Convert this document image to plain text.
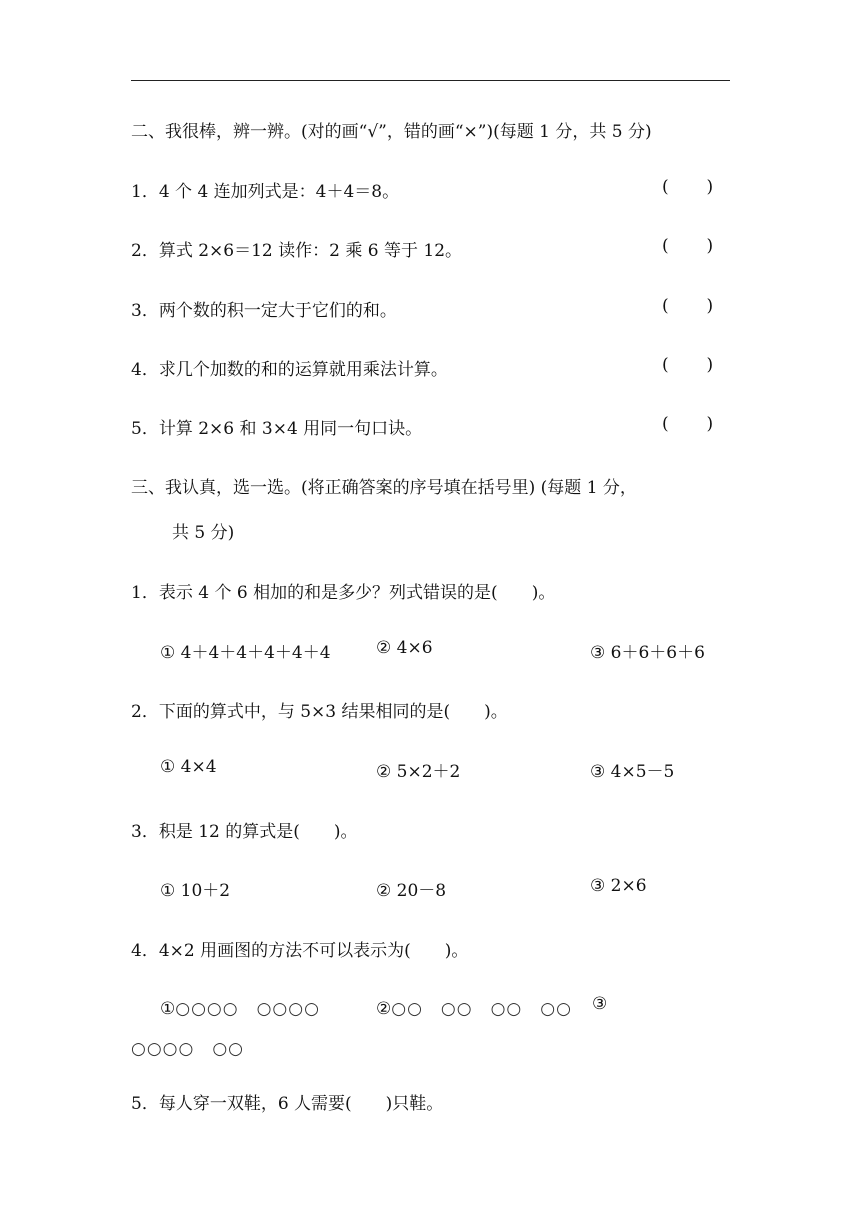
二、我很棒，辨一辨。(对的画“√”，错的画“×”)(每题 1 分，共 5 分)
1．4 个 4 连加列式是：4＋4＝8。	(       )
2．算式 2×6＝12 读作：2 乘 6 等于 12。	(       )
3．两个数的积一定大于它们的和。	(       )
4．求几个加数的和的运算就用乘法计算。	(       )
5．计算 2×6 和 3×4 用同一句口诀。	(       )
三、我认真，选一选。(将正确答案的序号填在括号里) (每题 1 分，
共 5 分)
1．表示 4 个 6 相加的和是多少？列式错误的是(　　)。
① 4＋4＋4＋4＋4＋4	② 4×6	③ 6＋6＋6＋6
2．下面的算式中，与 5×3 结果相同的是(　　)。
① 4×4	② 5×2＋2	③ 4×5－5
3．积是 12 的算式是(　　)。
① 10＋2	② 20－8	③ 2×6
4．4×2 用画图的方法不可以表示为(　　)。
①○○○○　○○○○	②○○　○○　○○　○○ ③
○○○○　○○
5．每人穿一双鞋，6 人需要(　　)只鞋。
